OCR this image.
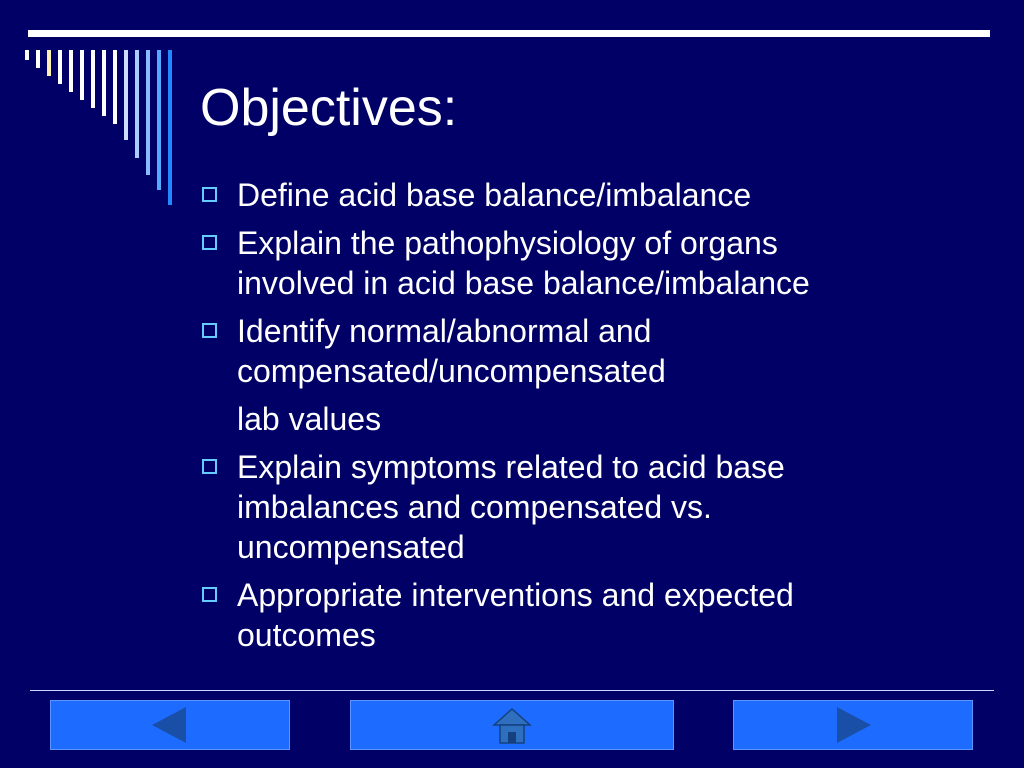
Objectives:
Define acid base balance/imbalance
Explain the pathophysiology of organs
involved in acid base balance/imbalance
Identify normal/abnormal and
compensated/uncompensated
lab values
Explain symptoms related to acid base
imbalances and compensated vs.
uncompensated
Appropriate interventions and expected
outcomes
